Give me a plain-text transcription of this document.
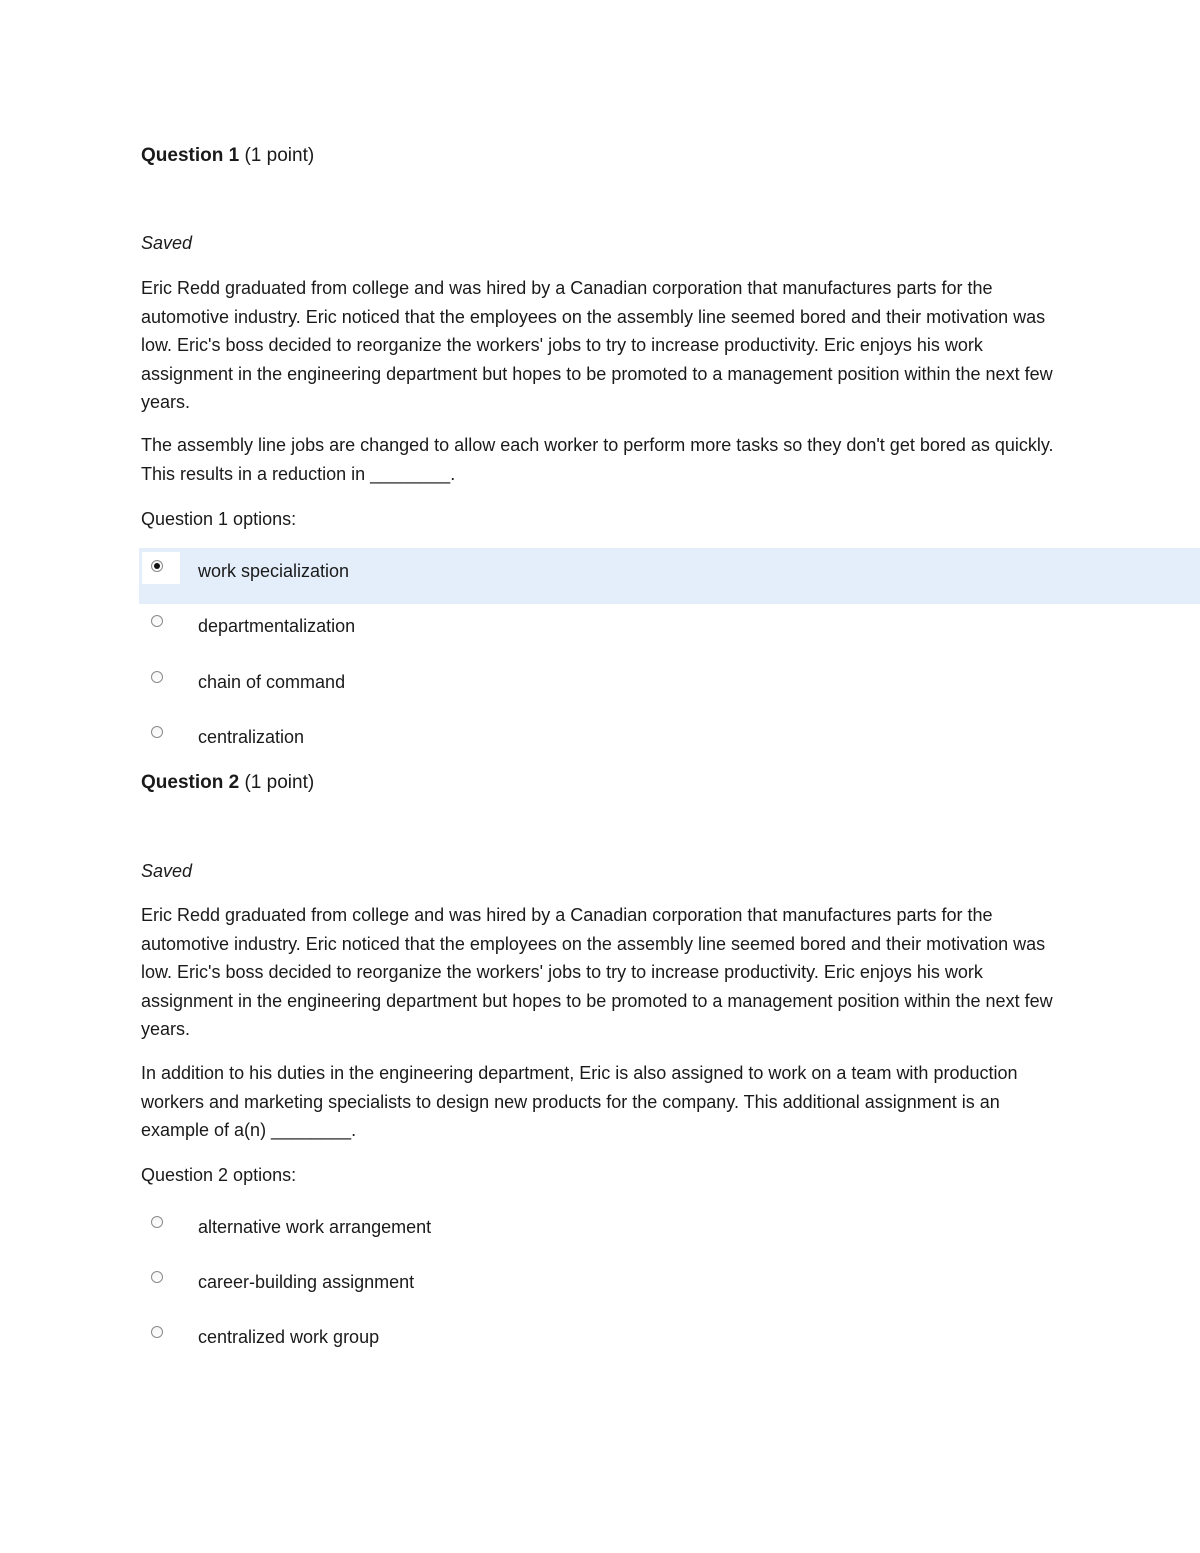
Question 1 (1 point)
Saved

Eric Redd graduated from college and was hired by a Canadian corporation that manufactures parts for the automotive industry. Eric noticed that the employees on the assembly line seemed bored and their motivation was low. Eric's boss decided to reorganize the workers' jobs to try to increase productivity. Eric enjoys his work assignment in the engineering department but hopes to be promoted to a management position within the next few years.

The assembly line jobs are changed to allow each worker to perform more tasks so they don't get bored as quickly. This results in a reduction in ________.

Question 1 options:
work specialization
departmentalization
chain of command
centralization
Question 2 (1 point)
Saved

Eric Redd graduated from college and was hired by a Canadian corporation that manufactures parts for the automotive industry. Eric noticed that the employees on the assembly line seemed bored and their motivation was low. Eric's boss decided to reorganize the workers' jobs to try to increase productivity. Eric enjoys his work assignment in the engineering department but hopes to be promoted to a management position within the next few years.

In addition to his duties in the engineering department, Eric is also assigned to work on a team with production workers and marketing specialists to design new products for the company. This additional assignment is an example of a(n) ________.

Question 2 options:
alternative work arrangement
career-building assignment
centralized work group
